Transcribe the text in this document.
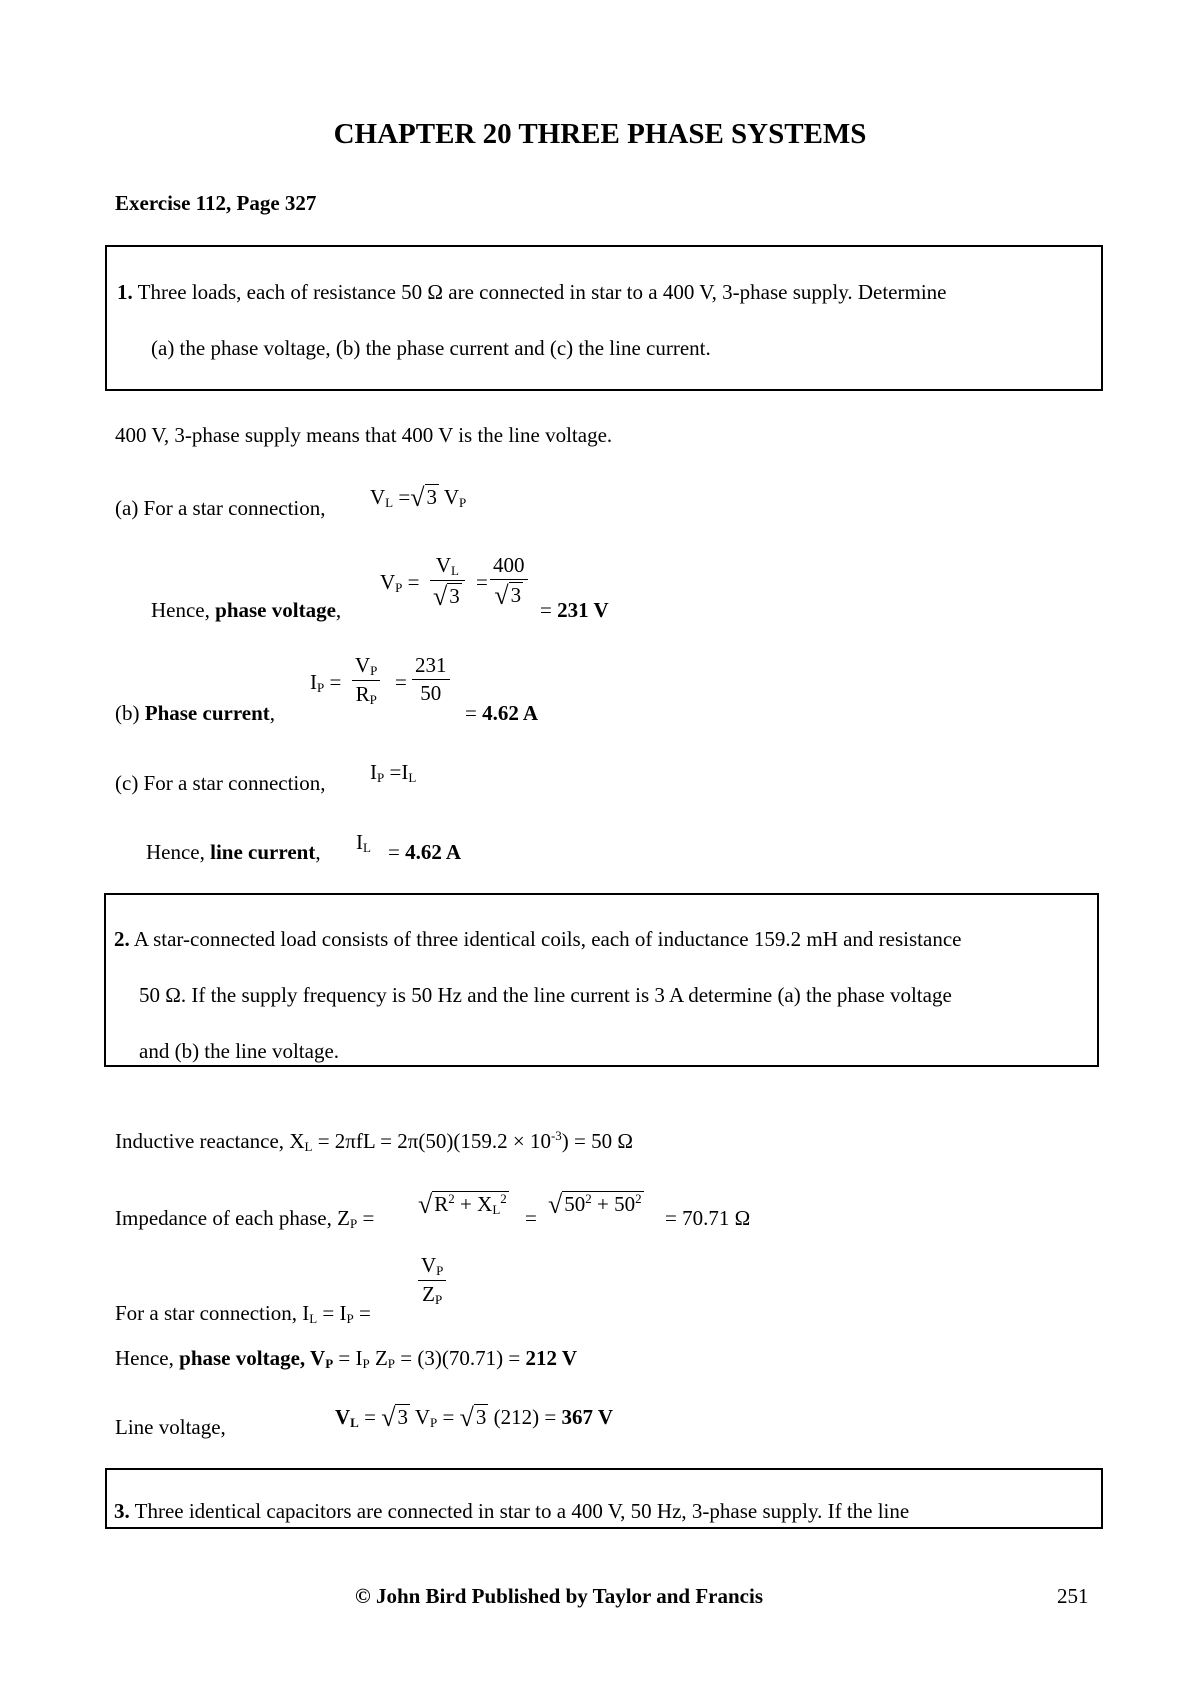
CHAPTER 20 THREE PHASE SYSTEMS
Exercise 112, Page 327
1. Three loads, each of resistance 50 Ω are connected in star to a 400 V, 3-phase supply. Determine
(a) the phase voltage, (b) the phase current and (c) the line current.
400 V, 3-phase supply means that 400 V is the line voltage.
(a) For a star connection, $V_L =√3$ $V_P$
$V_P = \frac{V_L}{√3} = \frac{400}{√3}$
Hence, phase voltage,	= 231 V
$I_P = \frac{V_P}{R_P} = \frac{231}{50}$
(b) Phase current,	= 4.62 A
(c) For a star connection, $I_P =I_L$
Hence, line current, $I_L = 4.62$ A
2. A star-connected load consists of three identical coils, each of inductance 159.2 mH and resistance
50 Ω. If the supply frequency is 50 Hz and the line current is 3 A determine (a) the phase voltage
and (b) the line voltage.
Inductive reactance, $X_L = 2\pi fL = 2\pi(50)(159.2 \times 10^{-3}) = 50$ Ω
Impedance of each phase, $Z_P = √R^2 + X_L^2$
= $√50^2 + 50^2$
= 70.71 Ω
$\frac{V_P}{Z_P}$
For a star connection, $I_L = I_P$ =
Hence, phase voltage, $V_P = I_P$ $Z_P = (3)(70.71) = 212$ V
Line voltage,	$V_L = √3$ $V_P = √3$ (212) = 367 V
3. Three identical capacitors are connected in star to a 400 V, 50 Hz, 3-phase supply. If the line
© John Bird Published by Taylor and Francis	251
